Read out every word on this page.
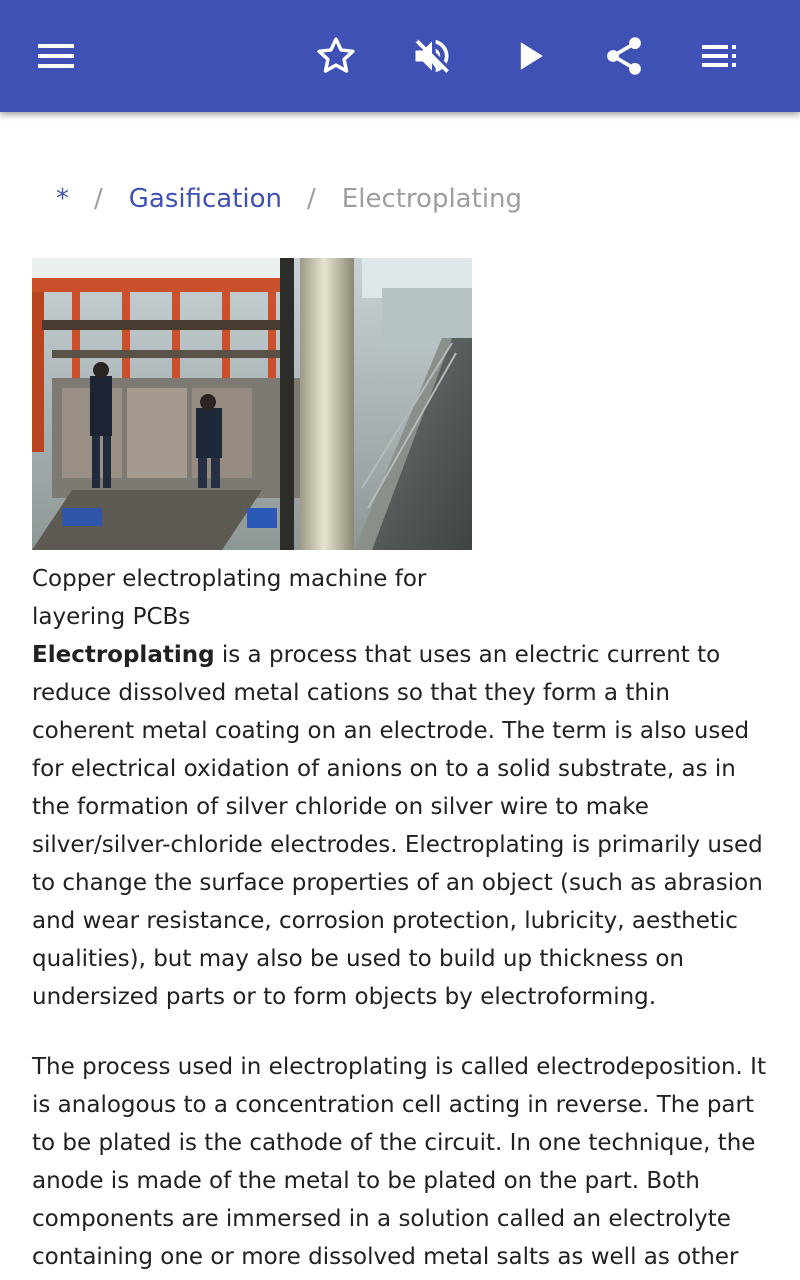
* / Gasification / Electroplating
Copper electroplating machine for layering PCBs

Electroplating is a process that uses an electric current to reduce dissolved metal cations so that they form a thin coherent metal coating on an electrode. The term is also used for electrical oxidation of anions on to a solid substrate, as in the formation of silver chloride on silver wire to make silver/silver-chloride electrodes. Electroplating is primarily used to change the surface properties of an object (such as abrasion and wear resistance, corrosion protection, lubricity, aesthetic qualities), but may also be used to build up thickness on undersized parts or to form objects by electroforming.

The process used in electroplating is called electrodeposition. It is analogous to a concentration cell acting in reverse. The part to be plated is the cathode of the circuit. In one technique, the anode is made of the metal to be plated on the part. Both components are immersed in a solution called an electrolyte containing one or more dissolved metal salts as well as other
